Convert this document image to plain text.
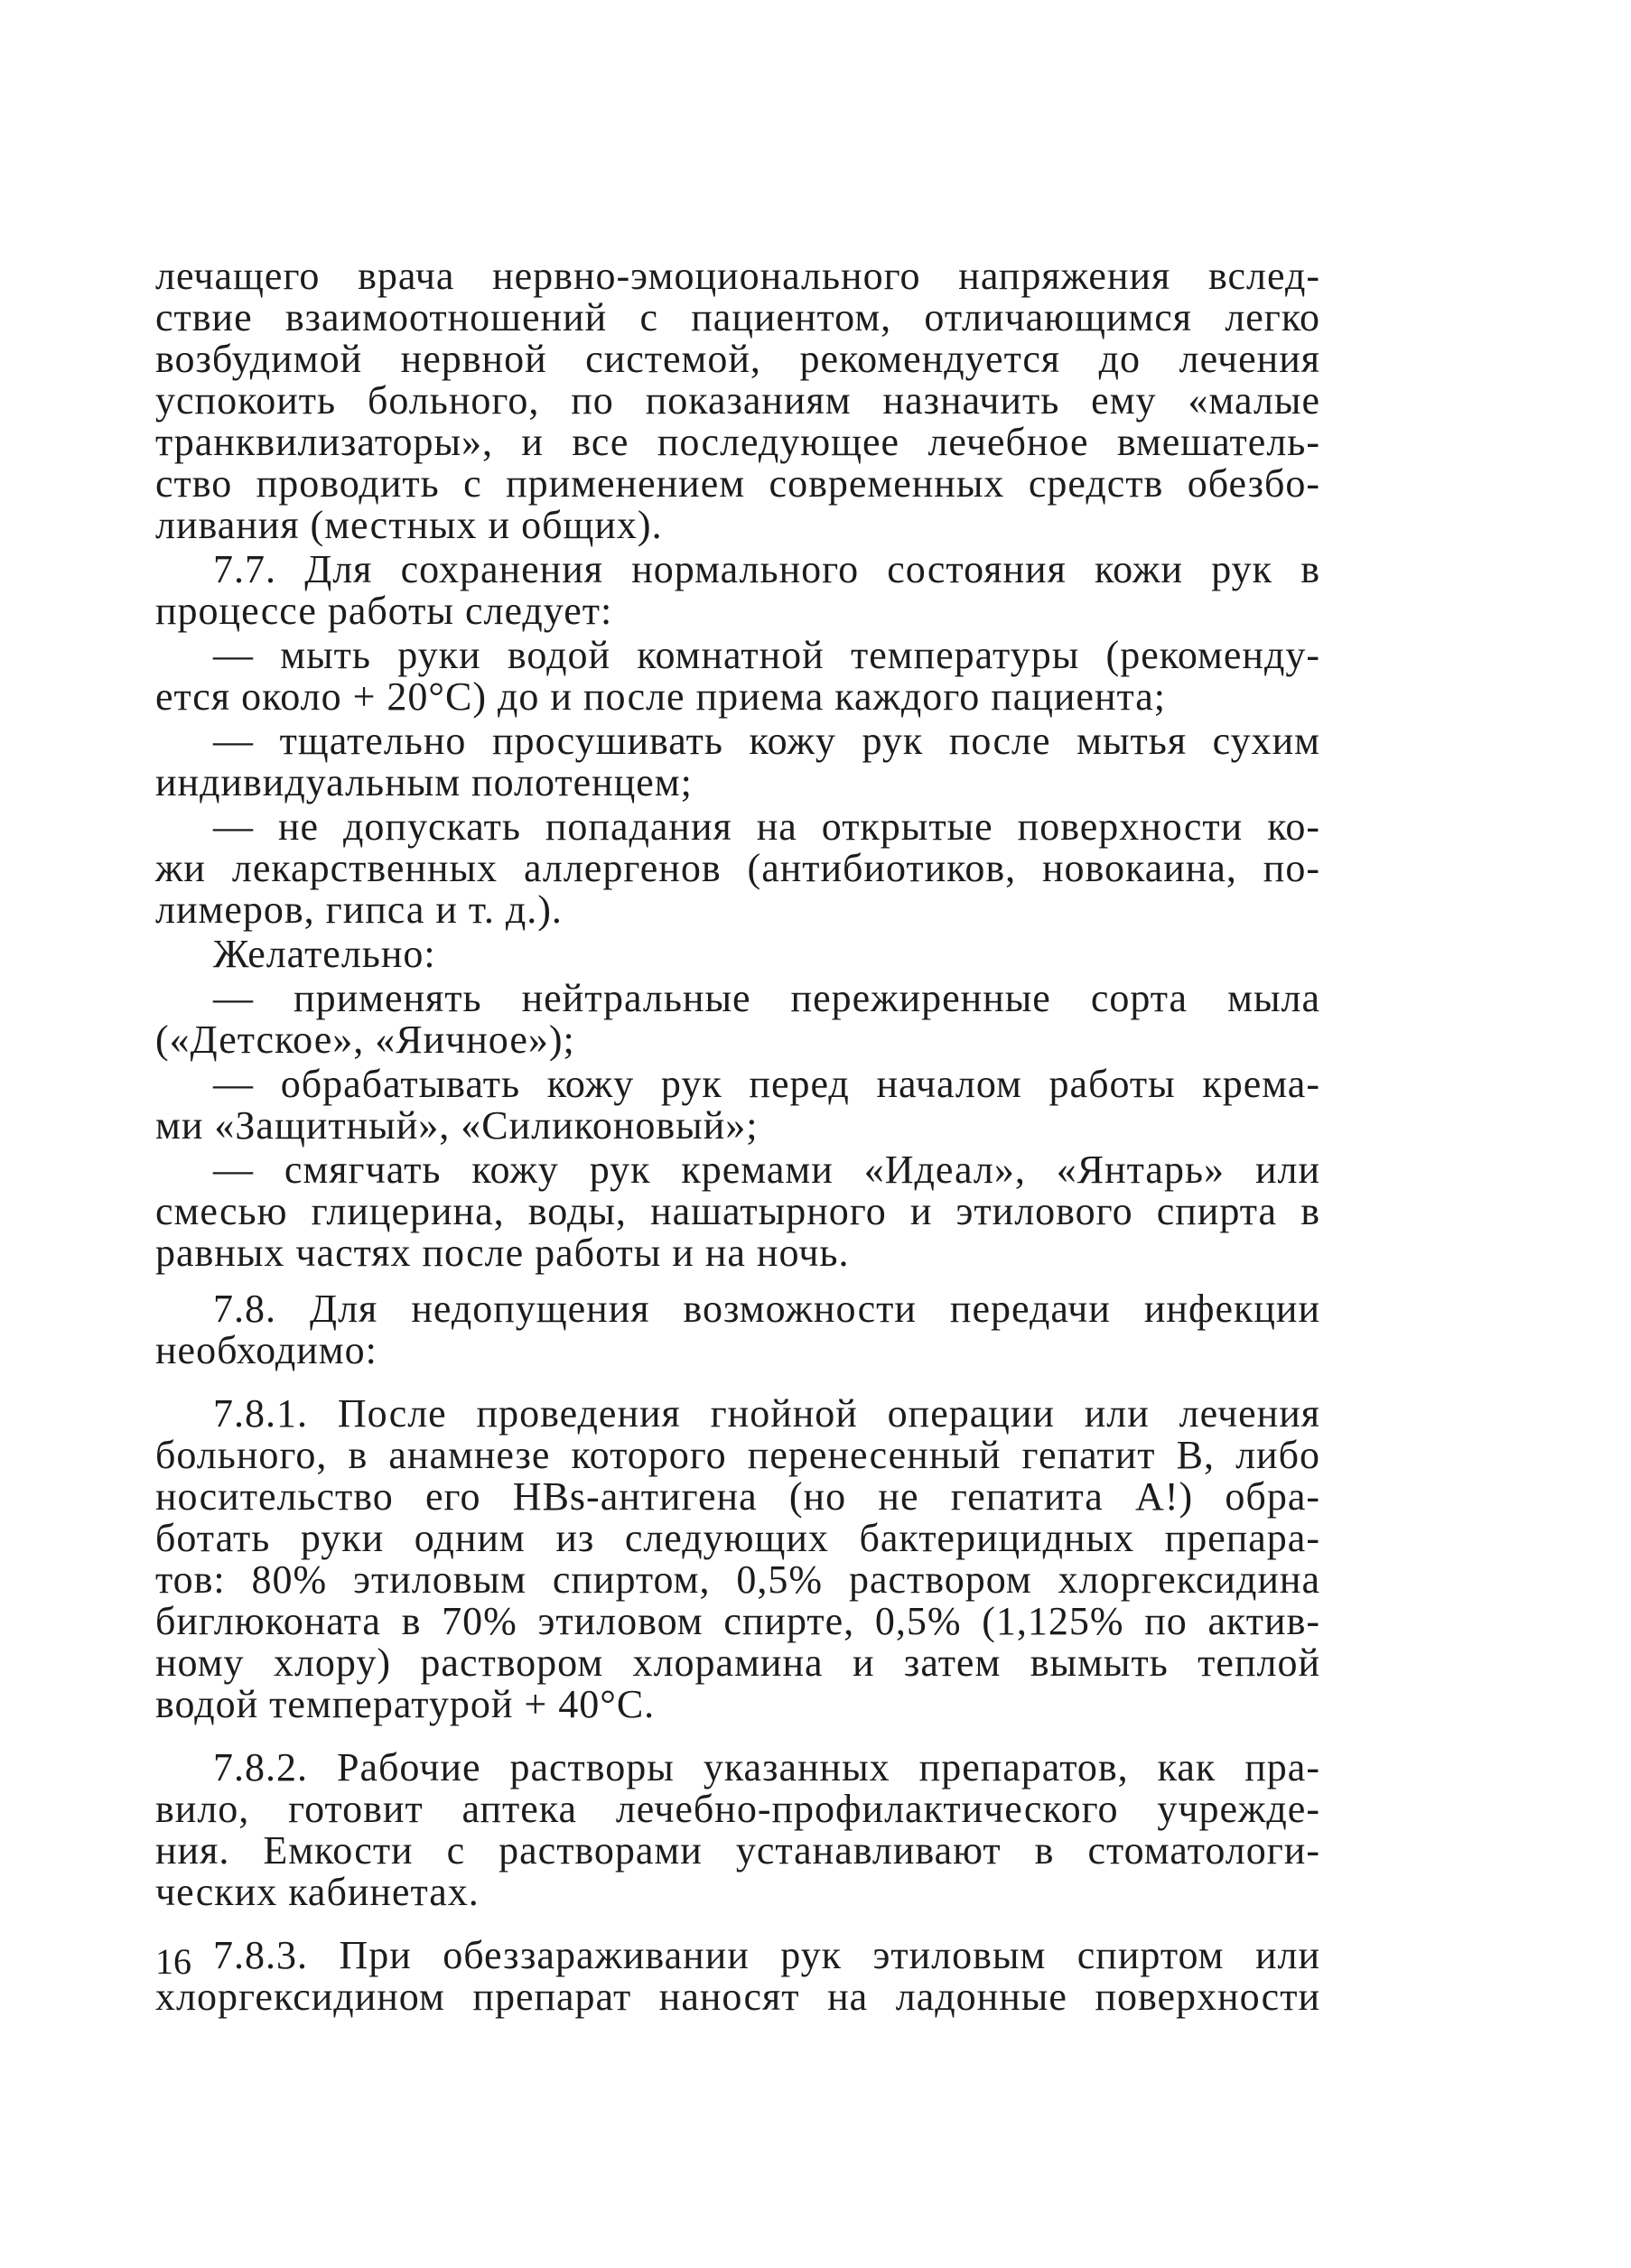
лечащего врача нервно-эмоционального напряжения вслед-
ствие взаимоотношений с пациентом, отличающимся легко
возбудимой нервной системой, рекомендуется до лечения
успокоить больного, по показаниям назначить ему «малые
транквилизаторы», и все последующее лечебное вмешатель-
ство проводить с применением современных средств обезбо-
ливания (местных и общих).
7.7. Для сохранения нормального состояния кожи рук в
процессе работы следует:
— мыть руки водой комнатной температуры (рекоменду-
ется около + 20°С) до и после приема каждого пациента;
— тщательно просушивать кожу рук после мытья сухим
индивидуальным полотенцем;
— не допускать попадания на открытые поверхности ко-
жи лекарственных аллергенов (антибиотиков, новокаина, по-
лимеров, гипса и т. д.).
Желательно:
— применять нейтральные пережиренные сорта мыла
(«Детское», «Яичное»);
— обрабатывать кожу рук перед началом работы крема-
ми «Защитный», «Силиконовый»;
— смягчать кожу рук кремами «Идеал», «Янтарь» или
смесью глицерина, воды, нашатырного и этилового спирта в
равных частях после работы и на ночь.
7.8. Для недопущения возможности передачи инфекции
необходимо:
7.8.1. После проведения гнойной операции или лечения
больного, в анамнезе которого перенесенный гепатит В, либо
носительство его HBs-антигена (но не гепатита А!) обра-
ботать руки одним из следующих бактерицидных препара-
тов: 80% этиловым спиртом, 0,5% раствором хлоргексидина
биглюконата в 70% этиловом спирте, 0,5% (1,125% по актив-
ному хлору) раствором хлорамина и затем вымыть теплой
водой температурой + 40°С.
7.8.2. Рабочие растворы указанных препаратов, как пра-
вило, готовит аптека лечебно-профилактического учрежде-
ния. Емкости с растворами устанавливают в стоматологи-
ческих кабинетах.
7.8.3. При обеззараживании рук этиловым спиртом или
хлоргексидином препарат наносят на ладонные поверхности
16
